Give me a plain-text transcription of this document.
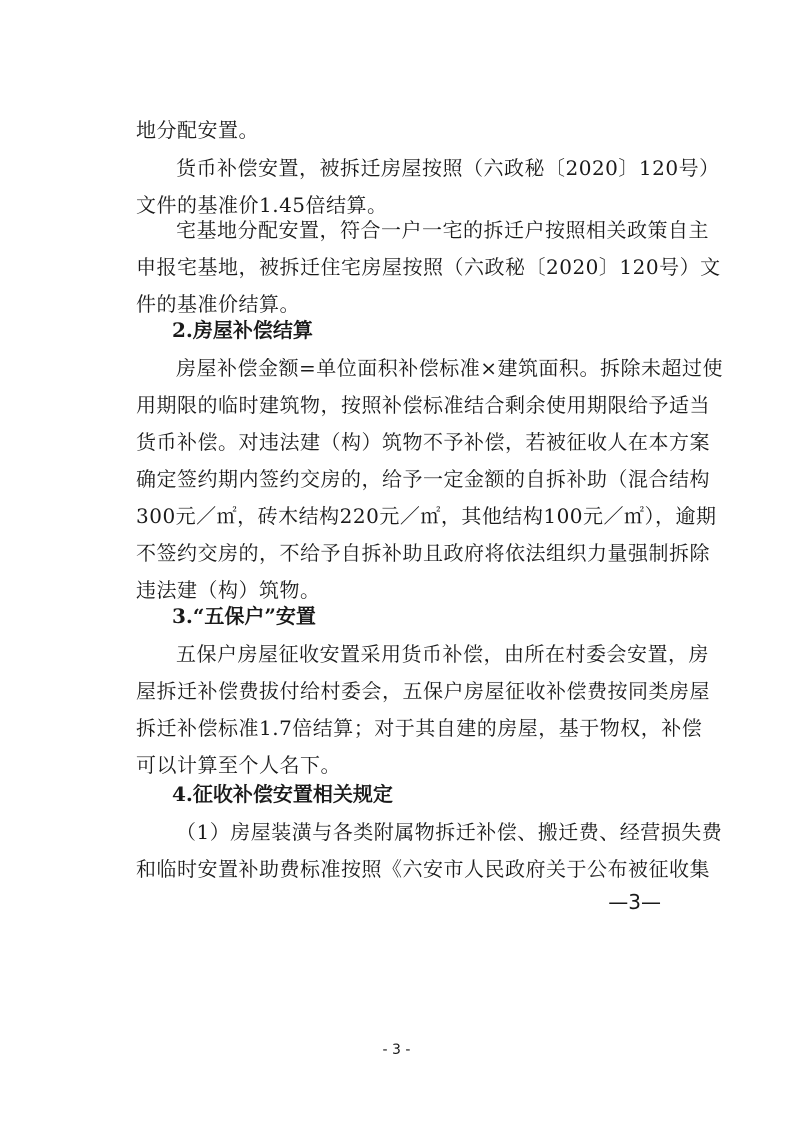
地分配安置。

货币补偿安置，被拆迁房屋按照（六政秘〔2020〕120号）
文件的基准价1.45倍结算。

宅基地分配安置，符合一户一宅的拆迁户按照相关政策自主
申报宅基地，被拆迁住宅房屋按照（六政秘〔2020〕120号）文
件的基准价结算。

2.房屋补偿结算

房屋补偿金额=单位面积补偿标准×建筑面积。拆除未超过使
用期限的临时建筑物，按照补偿标准结合剩余使用期限给予适当
货币补偿。对违法建（构）筑物不予补偿，若被征收人在本方案
确定签约期内签约交房的，给予一定金额的自拆补助（混合结构
300元／㎡，砖木结构220元／㎡，其他结构100元／㎡），逾期
不签约交房的，不给予自拆补助且政府将依法组织力量强制拆除
违法建（构）筑物。

3.“五保户”安置

五保户房屋征收安置采用货币补偿，由所在村委会安置，房
屋拆迁补偿费拔付给村委会，五保户房屋征收补偿费按同类房屋
拆迁补偿标准1.7倍结算；对于其自建的房屋，基于物权，补偿
可以计算至个人名下。

4.征收补偿安置相关规定

（1）房屋装潢与各类附属物拆迁补偿、搬迁费、经营损失费
和临时安置补助费标准按照《六安市人民政府关于公布被征收集

—3—
- 3 -
